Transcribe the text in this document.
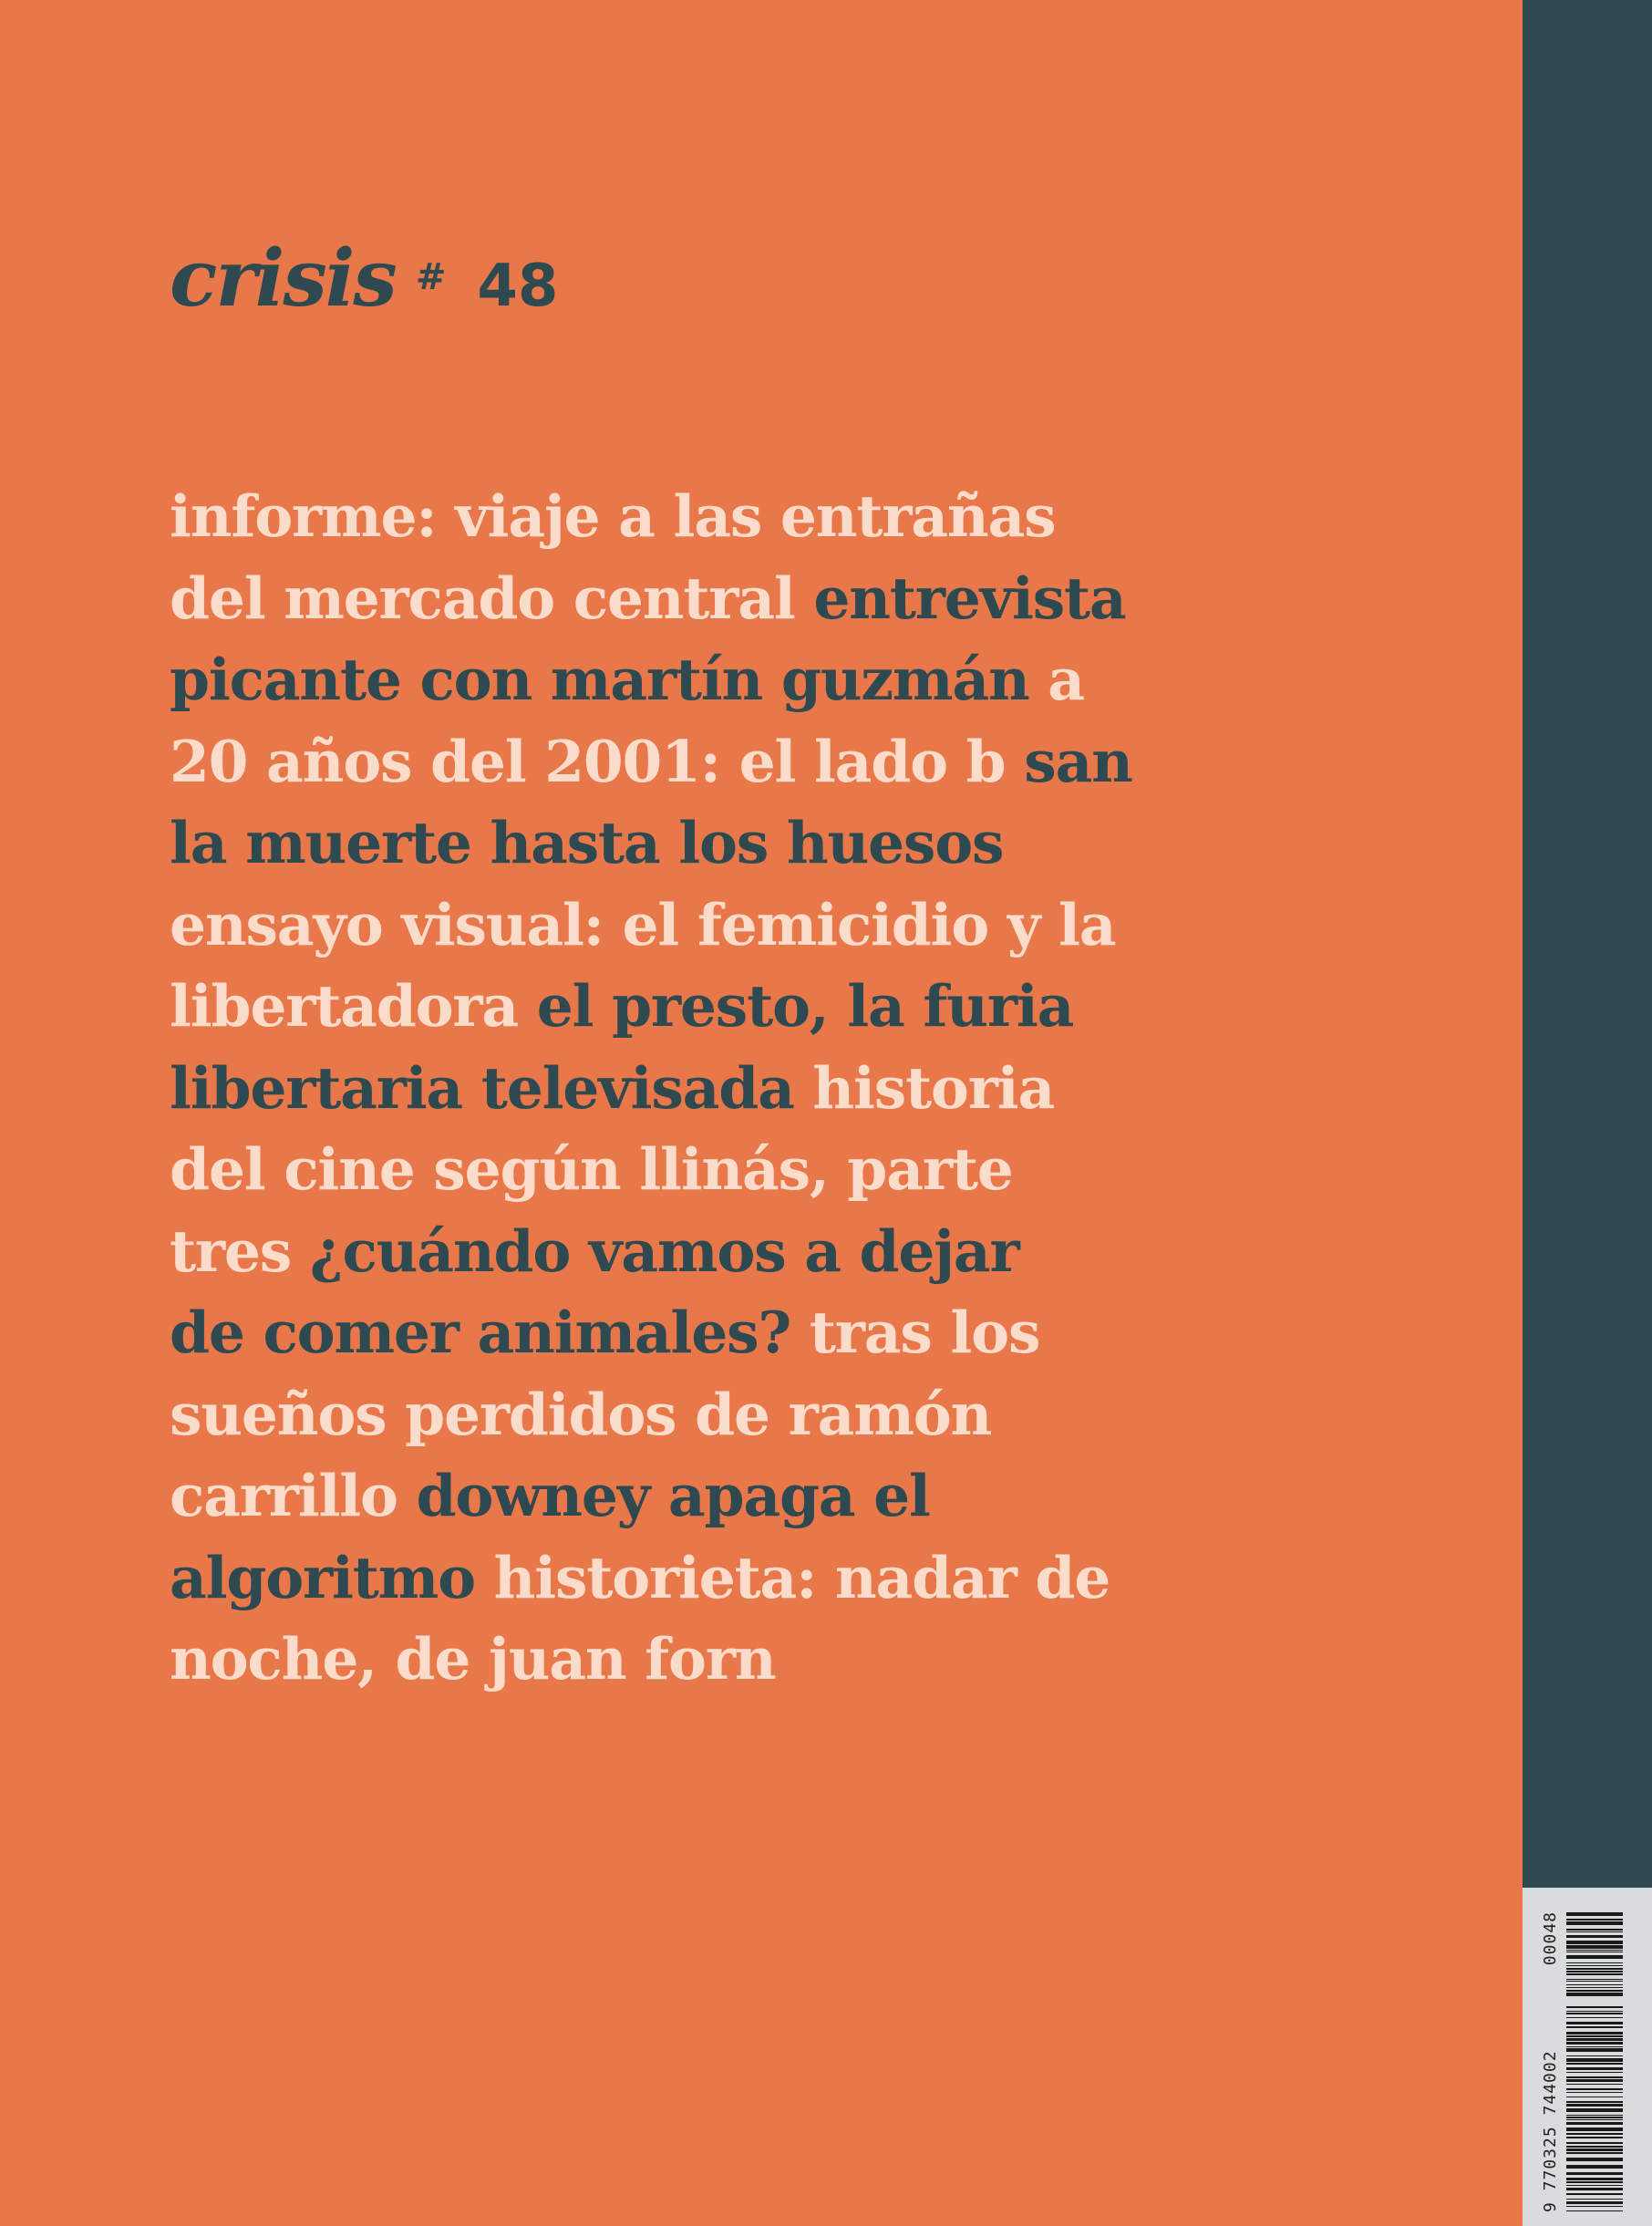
crisis # 48

informe: viaje a las entrañas
del mercado central entrevista
picante con martín guzmán a
20 años del 2001: el lado b san
la muerte hasta los huesos
ensayo visual: el femicidio y la
libertadora el presto, la furia
libertaria televisada historia
del cine según llinás, parte
tres ¿cuándo vamos a dejar
de comer animales? tras los
sueños perdidos de ramón
carrillo downey apaga el
algoritmo historieta: nadar de
noche, de juan forn

9 770325 744002
00048
